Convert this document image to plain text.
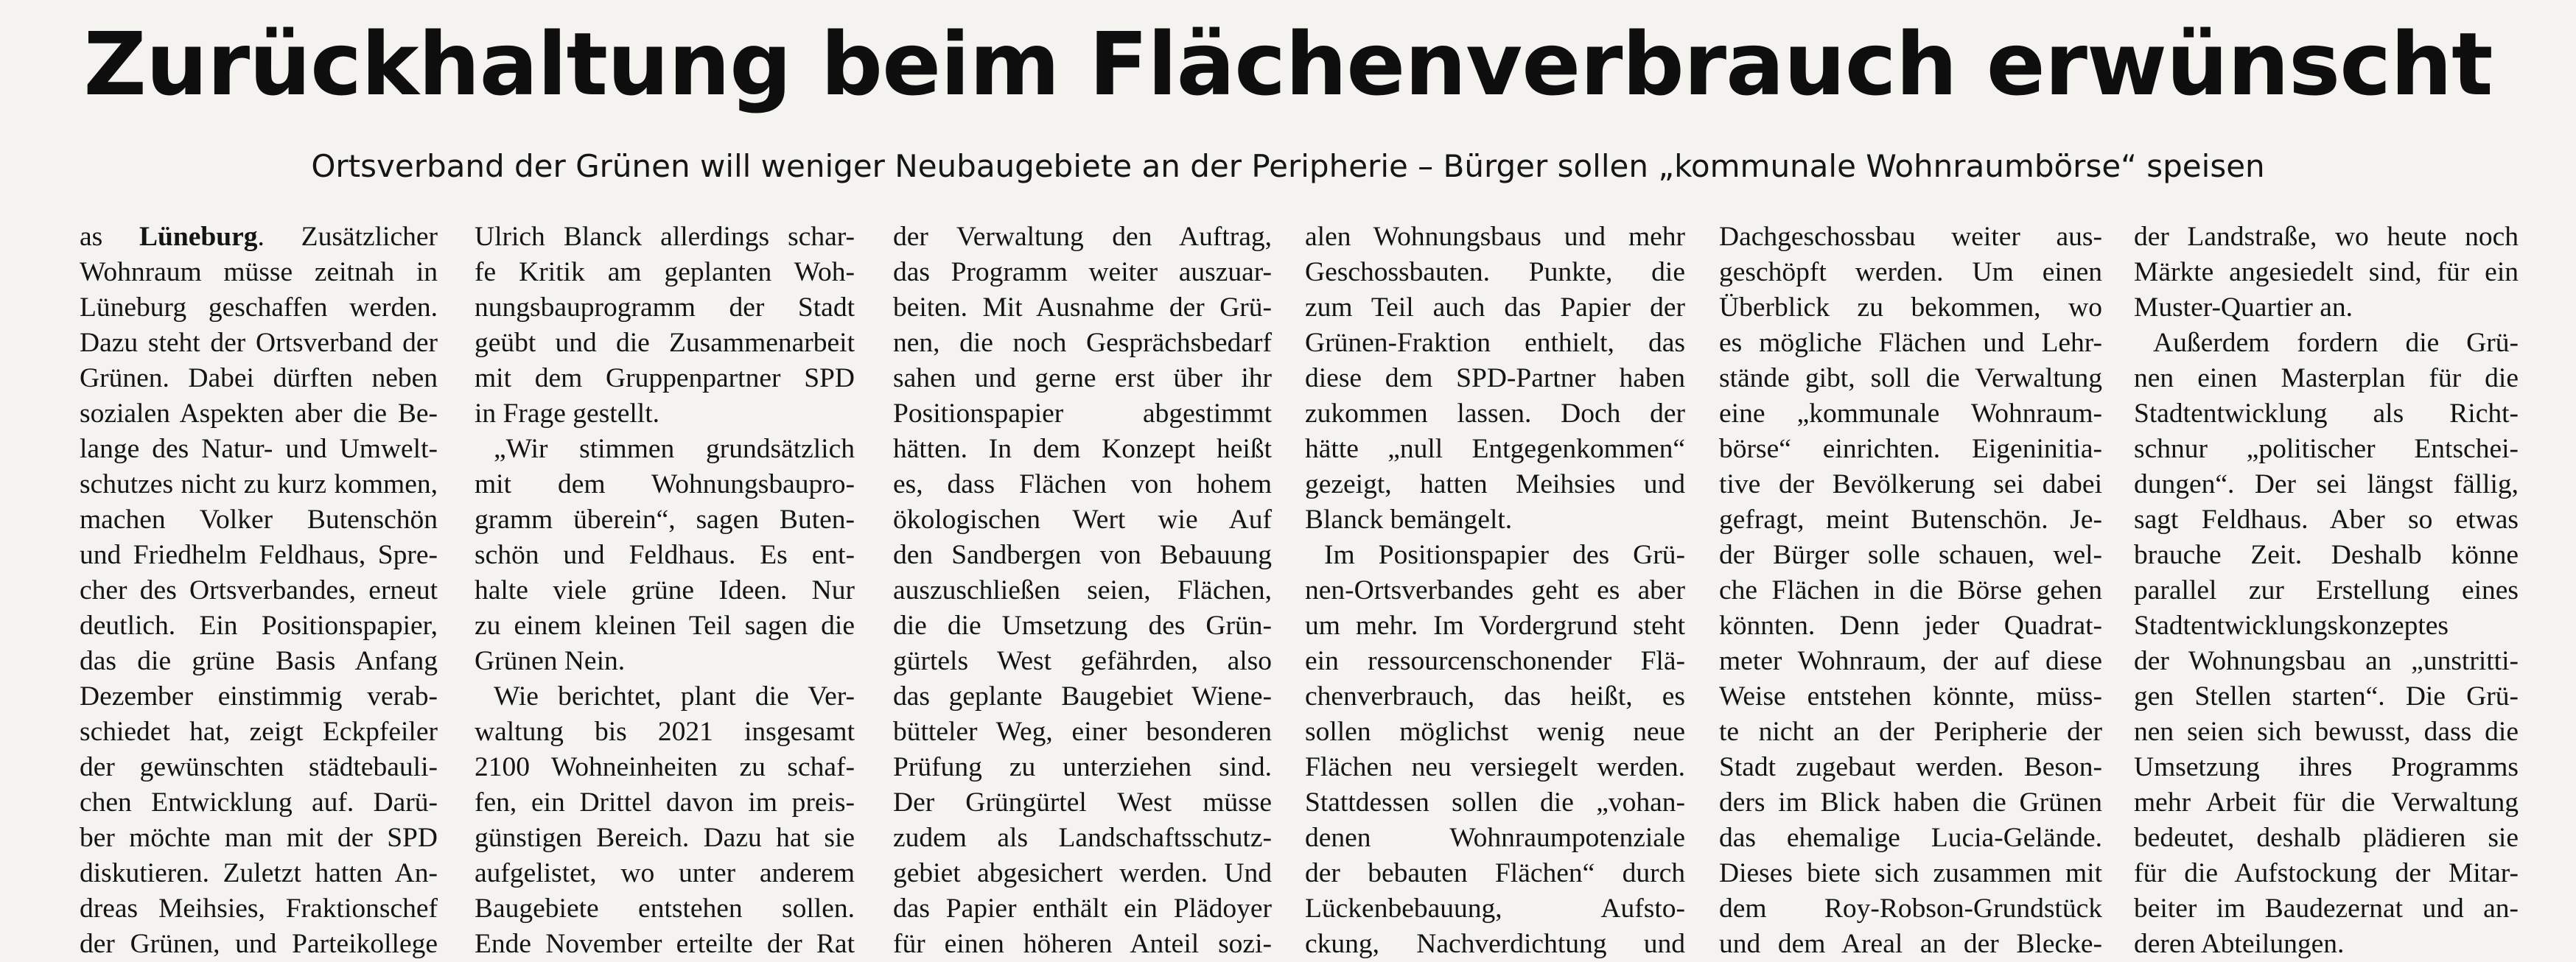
Zurückhaltung beim Flächenverbrauch erwünscht
Ortsverband der Grünen will weniger Neubaugebiete an der Peripherie – Bürger sollen „kommunale Wohnraumbörse“ speisen
as Lüneburg. Zusätzlicher
Wohnraum müsse zeitnah in
Lüneburg geschaffen werden.
Dazu steht der Ortsverband der
Grünen. Dabei dürften neben
sozialen Aspekten aber die Be-
lange des Natur- und Umwelt-
schutzes nicht zu kurz kommen,
machen Volker Butenschön
und Friedhelm Feldhaus, Spre-
cher des Ortsverbandes, erneut
deutlich. Ein Positionspapier,
das die grüne Basis Anfang
Dezember einstimmig verab-
schiedet hat, zeigt Eckpfeiler
der gewünschten städtebauli-
chen Entwicklung auf. Darü-
ber möchte man mit der SPD
diskutieren. Zuletzt hatten An-
dreas Meihsies, Fraktionschef
der Grünen, und Parteikollege
Ulrich Blanck allerdings schar-
fe Kritik am geplanten Woh-
nungsbauprogramm der Stadt
geübt und die Zusammenarbeit
mit dem Gruppenpartner SPD
in Frage gestellt.
„Wir stimmen grundsätzlich
mit dem Wohnungsbaupro-
gramm überein“, sagen Buten-
schön und Feldhaus. Es ent-
halte viele grüne Ideen. Nur
zu einem kleinen Teil sagen die
Grünen Nein.
Wie berichtet, plant die Ver-
waltung bis 2021 insgesamt
2100 Wohneinheiten zu schaf-
fen, ein Drittel davon im preis-
günstigen Bereich. Dazu hat sie
aufgelistet, wo unter anderem
Baugebiete entstehen sollen.
Ende November erteilte der Rat
der Verwaltung den Auftrag,
das Programm weiter auszuar-
beiten. Mit Ausnahme der Grü-
nen, die noch Gesprächsbedarf
sahen und gerne erst über ihr
Positionspapier abgestimmt
hätten. In dem Konzept heißt
es, dass Flächen von hohem
ökologischen Wert wie Auf
den Sandbergen von Bebauung
auszuschließen seien, Flächen,
die die Umsetzung des Grün-
gürtels West gefährden, also
das geplante Baugebiet Wiene-
bütteler Weg, einer besonderen
Prüfung zu unterziehen sind.
Der Grüngürtel West müsse
zudem als Landschaftsschutz-
gebiet abgesichert werden. Und
das Papier enthält ein Plädoyer
für einen höheren Anteil sozi-
alen Wohnungsbaus und mehr
Geschossbauten. Punkte, die
zum Teil auch das Papier der
Grünen-Fraktion enthielt, das
diese dem SPD-Partner haben
zukommen lassen. Doch der
hätte „null Entgegenkommen“
gezeigt, hatten Meihsies und
Blanck bemängelt.
Im Positionspapier des Grü-
nen-Ortsverbandes geht es aber
um mehr. Im Vordergrund steht
ein ressourcenschonender Flä-
chenverbrauch, das heißt, es
sollen möglichst wenig neue
Flächen neu versiegelt werden.
Stattdessen sollen die „vohan-
denen Wohnraumpotenziale
der bebauten Flächen“ durch
Lückenbebauung, Aufsto-
ckung, Nachverdichtung und
Dachgeschossbau weiter aus-
geschöpft werden. Um einen
Überblick zu bekommen, wo
es mögliche Flächen und Lehr-
stände gibt, soll die Verwaltung
eine „kommunale Wohnraum-
börse“ einrichten. Eigeninitia-
tive der Bevölkerung sei dabei
gefragt, meint Butenschön. Je-
der Bürger solle schauen, wel-
che Flächen in die Börse gehen
könnten. Denn jeder Quadrat-
meter Wohnraum, der auf diese
Weise entstehen könnte, müss-
te nicht an der Peripherie der
Stadt zugebaut werden. Beson-
ders im Blick haben die Grünen
das ehemalige Lucia-Gelände.
Dieses biete sich zusammen mit
dem Roy-Robson-Grundstück
und dem Areal an der Blecke-
der Landstraße, wo heute noch
Märkte angesiedelt sind, für ein
Muster-Quartier an.
Außerdem fordern die Grü-
nen einen Masterplan für die
Stadtentwicklung als Richt-
schnur „politischer Entschei-
dungen“. Der sei längst fällig,
sagt Feldhaus. Aber so etwas
brauche Zeit. Deshalb könne
parallel zur Erstellung eines
Stadtentwicklungskonzeptes
der Wohnungsbau an „unstritti-
gen Stellen starten“. Die Grü-
nen seien sich bewusst, dass die
Umsetzung ihres Programms
mehr Arbeit für die Verwaltung
bedeutet, deshalb plädieren sie
für die Aufstockung der Mitar-
beiter im Baudezernat und an-
deren Abteilungen.
